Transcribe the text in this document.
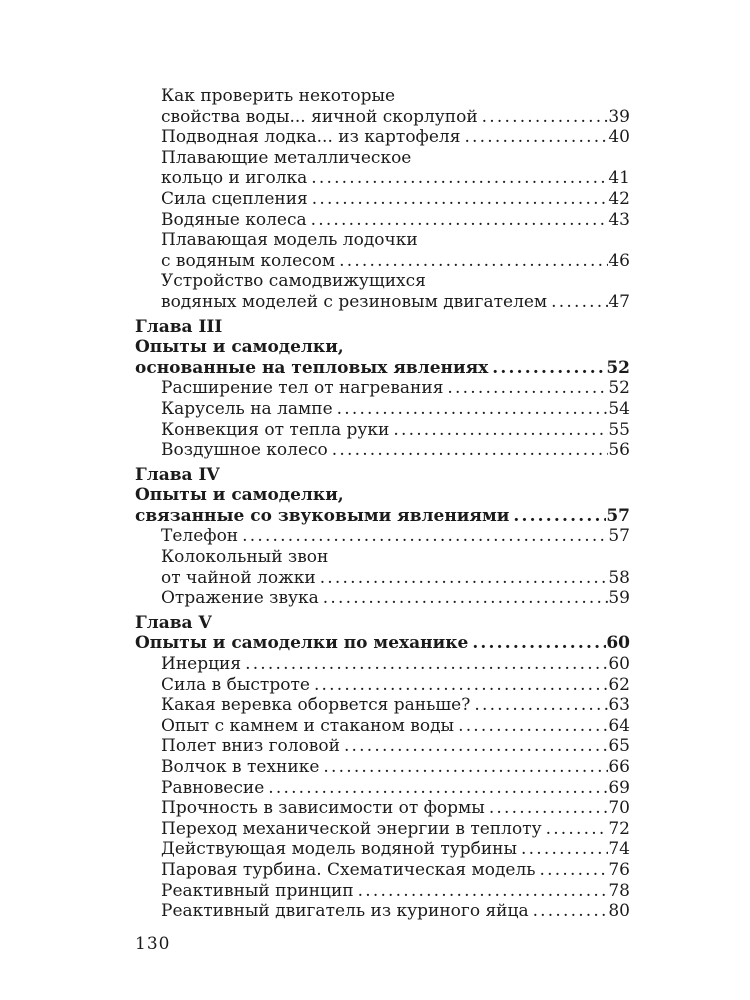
Как проверить некоторые
свойства воды... яичной скорлупой .....	39
Подводная лодка... из картофеля .....	40
Плавающие металлическое
кольцо и иголка .....	41
Сила сцепления .....	42
Водяные колеса .....	43
Плавающая модель лодочки
с водяным колесом .....	46
Устройство самодвижущихся
водяных моделей с резиновым двигателем .....	47
Глава III
Опыты и самоделки,
основанные на тепловых явлениях .....	52
Расширение тел от нагревания .....	52
Карусель на лампе .....	54
Конвекция от тепла руки .....	55
Воздушное колесо .....	56
Глава IV
Опыты и самоделки,
связанные со звуковыми явлениями .....	57
Телефон .....	57
Колокольный звон
от чайной ложки .....	58
Отражение звука .....	59
Глава V
Опыты и самоделки по механике .....	60
Инерция .....	60
Сила в быстроте .....	62
Какая веревка оборвется раньше? .....	63
Опыт с камнем и стаканом воды .....	64
Полет вниз головой .....	65
Волчок в технике .....	66
Равновесие .....	69
Прочность в зависимости от формы .....	70
Переход механической энергии в теплоту .....	72
Действующая модель водяной турбины .....	74
Паровая турбина. Схематическая модель .....	76
Реактивный принцип .....	78
Реактивный двигатель из куриного яйца .....	80
130
